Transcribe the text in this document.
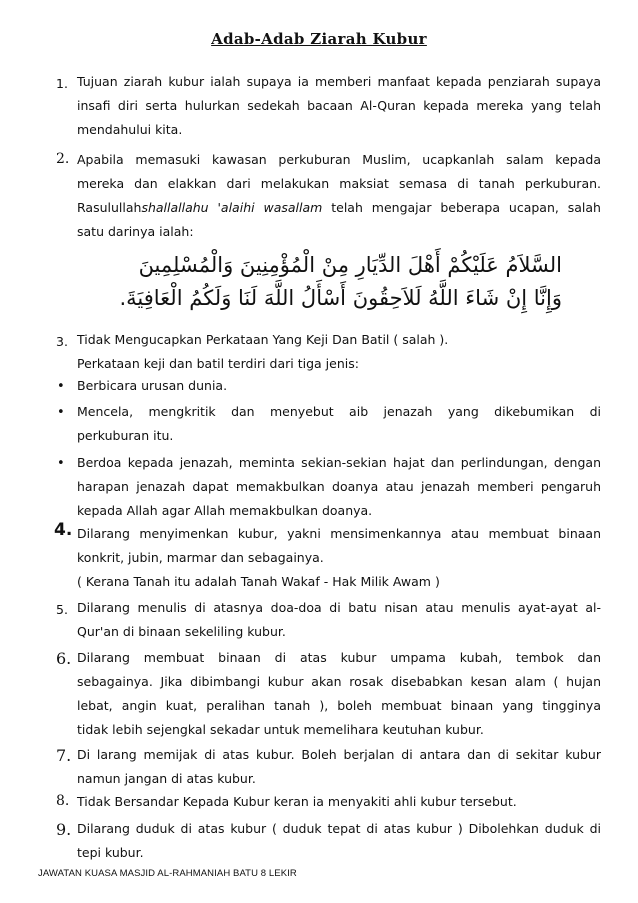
Adab-Adab Ziarah Kubur
1. Tujuan ziarah kubur ialah supaya ia memberi manfaat kepada penziarah supaya
insafi diri serta hulurkan sedekah bacaan Al-Quran kepada mereka yang telah
mendahului kita.
2. Apabila memasuki kawasan perkuburan Muslim, ucapkanlah salam kepada
mereka dan elakkan dari melakukan maksiat semasa di tanah perkuburan.
Rasulullahshallallahu 'alaihi wasallam telah mengajar beberapa ucapan, salah
satu darinya ialah:
السَّلاَمُ عَلَيْكُمْ أَهْلَ الدِّيَارِ مِنْ الْمُؤْمِنِينَ وَالْمُسْلِمِينَ
وَإِنَّا إِنْ شَاءَ اللَّهُ لَلاَحِقُونَ أَسْأَلُ اللَّهَ لَنَا وَلَكُمُ الْعَافِيَةَ.
3. Tidak Mengucapkan Perkataan Yang Keji Dan Batil ( salah ).
Perkataan keji dan batil terdiri dari tiga jenis:
• Berbicara urusan dunia.
• Mencela, mengkritik dan menyebut aib jenazah yang dikebumikan di
perkuburan itu.
• Berdoa kepada jenazah, meminta sekian-sekian hajat dan perlindungan, dengan
harapan jenazah dapat memakbulkan doanya atau jenazah memberi pengaruh
kepada Allah agar Allah memakbulkan doanya.
4. Dilarang menyimenkan kubur, yakni mensimenkannya atau membuat binaan
konkrit, jubin, marmar dan sebagainya.
( Kerana Tanah itu adalah Tanah Wakaf - Hak Milik Awam )
5. Dilarang menulis di atasnya doa-doa di batu nisan atau menulis ayat-ayat al-
Qur'an di binaan sekeliling kubur.
6. Dilarang membuat binaan di atas kubur umpama kubah, tembok dan
sebagainya. Jika dibimbangi kubur akan rosak disebabkan kesan alam ( hujan
lebat, angin kuat, peralihan tanah ), boleh membuat binaan yang tingginya
tidak lebih sejengkal sekadar untuk memelihara keutuhan kubur.
7. Di larang memijak di atas kubur. Boleh berjalan di antara dan di sekitar kubur
namun jangan di atas kubur.
8. Tidak Bersandar Kepada Kubur keran ia menyakiti ahli kubur tersebut.
9. Dilarang duduk di atas kubur ( duduk tepat di atas kubur ) Dibolehkan duduk di
tepi kubur.
JAWATAN KUASA MASJID AL-RAHMANIAH BATU 8 LEKIR
